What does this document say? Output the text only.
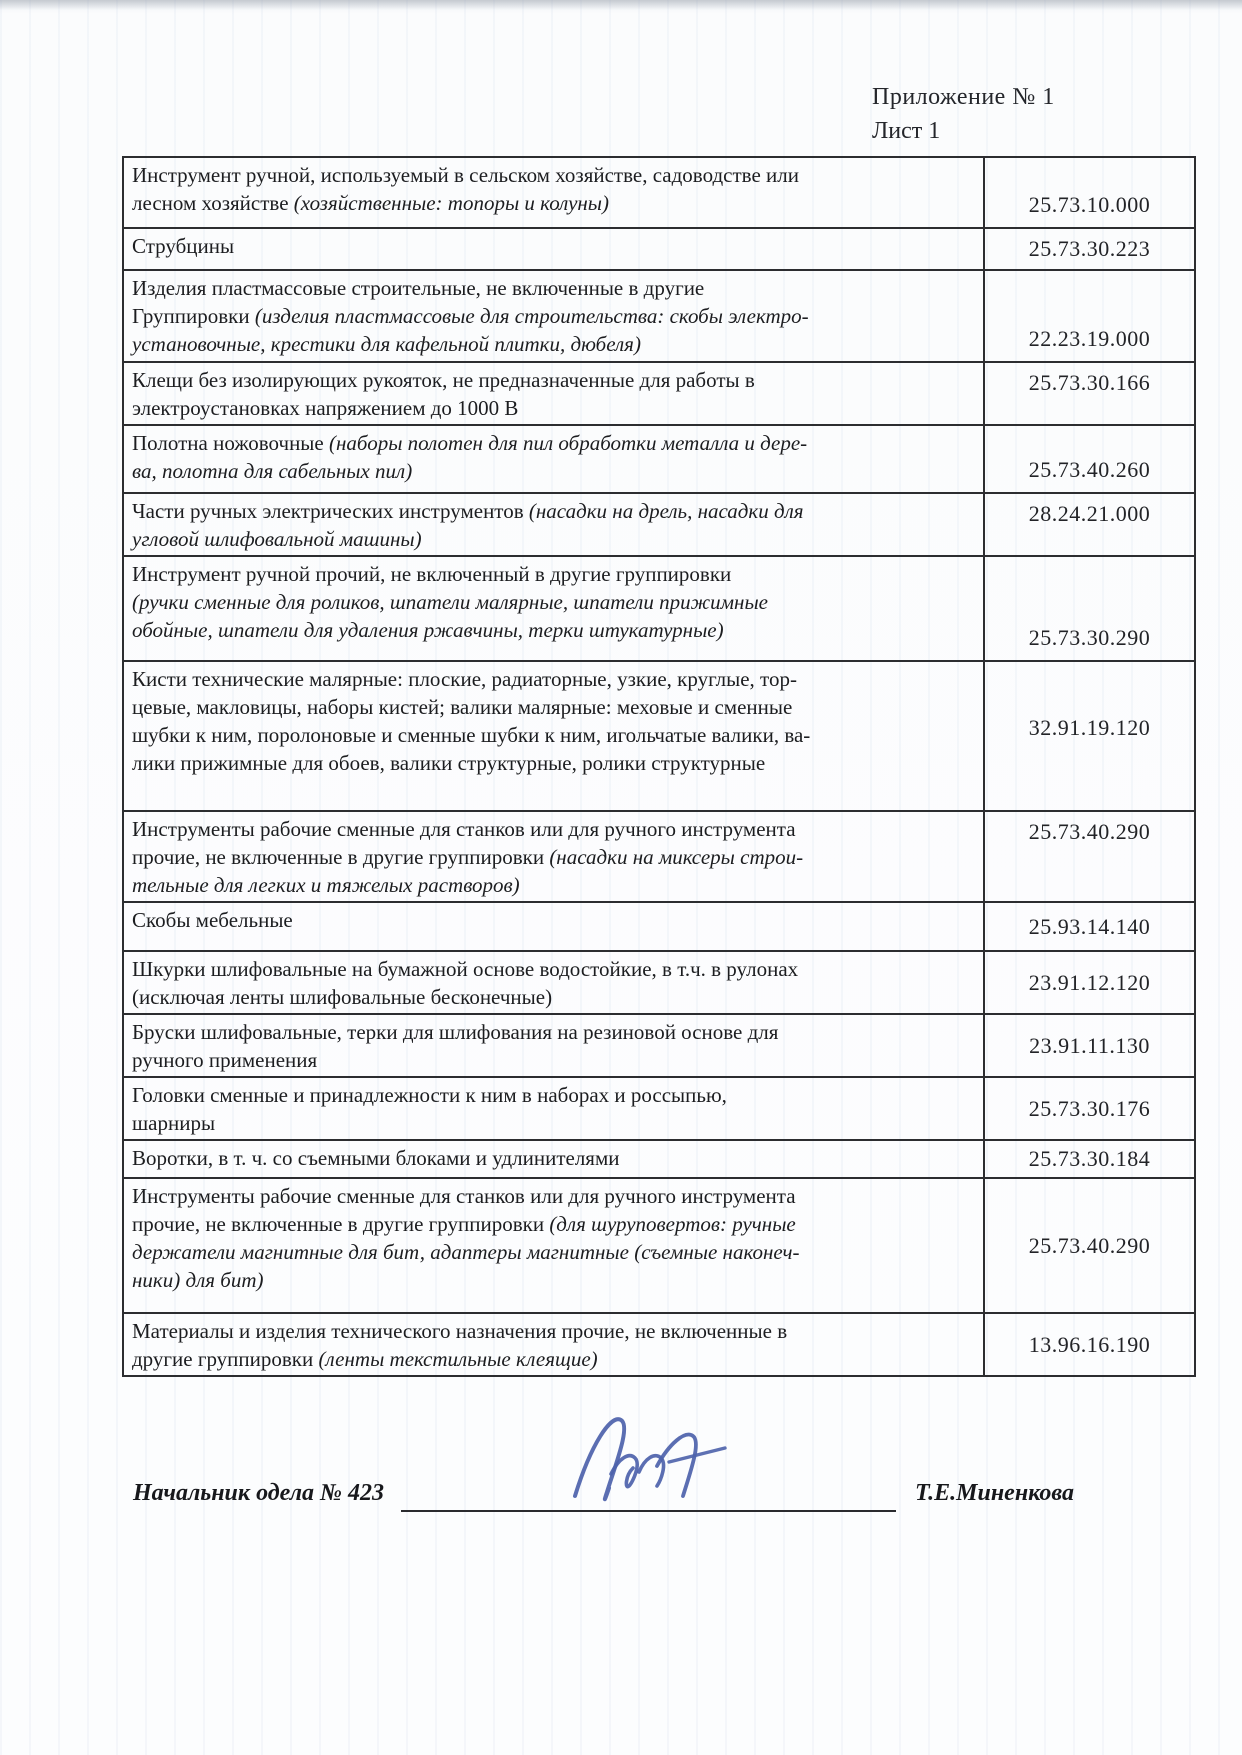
Приложение № 1
Лист 1
Инструмент ручной, используемый в сельском хозяйстве, садоводстве или
лесном хозяйстве (хозяйственные: топоры и колуны)	25.73.10.000
Струбцины	25.73.30.223
Изделия пластмассовые строительные, не включенные в другие
Группировки (изделия пластмассовые для строительства: скобы электро-
установочные, крестики для кафельной плитки, дюбеля)	22.23.19.000
Клещи без изолирующих рукояток, не предназначенные для работы в
электроустановках напряжением до 1000 В	25.73.30.166
Полотна ножовочные (наборы полотен для пил обработки металла и дере-
ва, полотна для сабельных пил)	25.73.40.260
Части ручных электрических инструментов (насадки на дрель, насадки для
угловой шлифовальной машины)	28.24.21.000
Инструмент ручной прочий, не включенный в другие группировки
(ручки сменные для роликов, шпатели малярные, шпатели прижимные
обойные, шпатели для удаления ржавчины, терки штукатурные)	25.73.30.290
Кисти технические малярные: плоские, радиаторные, узкие, круглые, тор-
цевые, макловицы, наборы кистей; валики малярные: меховые и сменные
шубки к ним, поролоновые и сменные шубки к ним, игольчатые валики, ва-
лики прижимные для обоев, валики структурные, ролики структурные	32.91.19.120
Инструменты рабочие сменные для станков или для ручного инструмента
прочие, не включенные в другие группировки (насадки на миксеры строи-
тельные для легких и тяжелых растворов)	25.73.40.290
Скобы мебельные	25.93.14.140
Шкурки шлифовальные на бумажной основе водостойкие, в т.ч. в рулонах
(исключая ленты шлифовальные бесконечные)	23.91.12.120
Бруски шлифовальные, терки для шлифования на резиновой основе для
ручного применения	23.91.11.130
Головки сменные и принадлежности к ним в наборах и россыпью,
шарниры	25.73.30.176
Воротки, в т. ч. со съемными блоками и удлинителями	25.73.30.184
Инструменты рабочие сменные для станков или для ручного инструмента
прочие, не включенные в другие группировки (для шуруповертов: ручные
держатели магнитные для бит, адаптеры магнитные (съемные наконеч-
ники) для бит)	25.73.40.290
Материалы и изделия технического назначения прочие, не включенные в
другие группировки (ленты текстильные клеящие)	13.96.16.190
Начальник одела № 423	Т.Е.Миненкова
